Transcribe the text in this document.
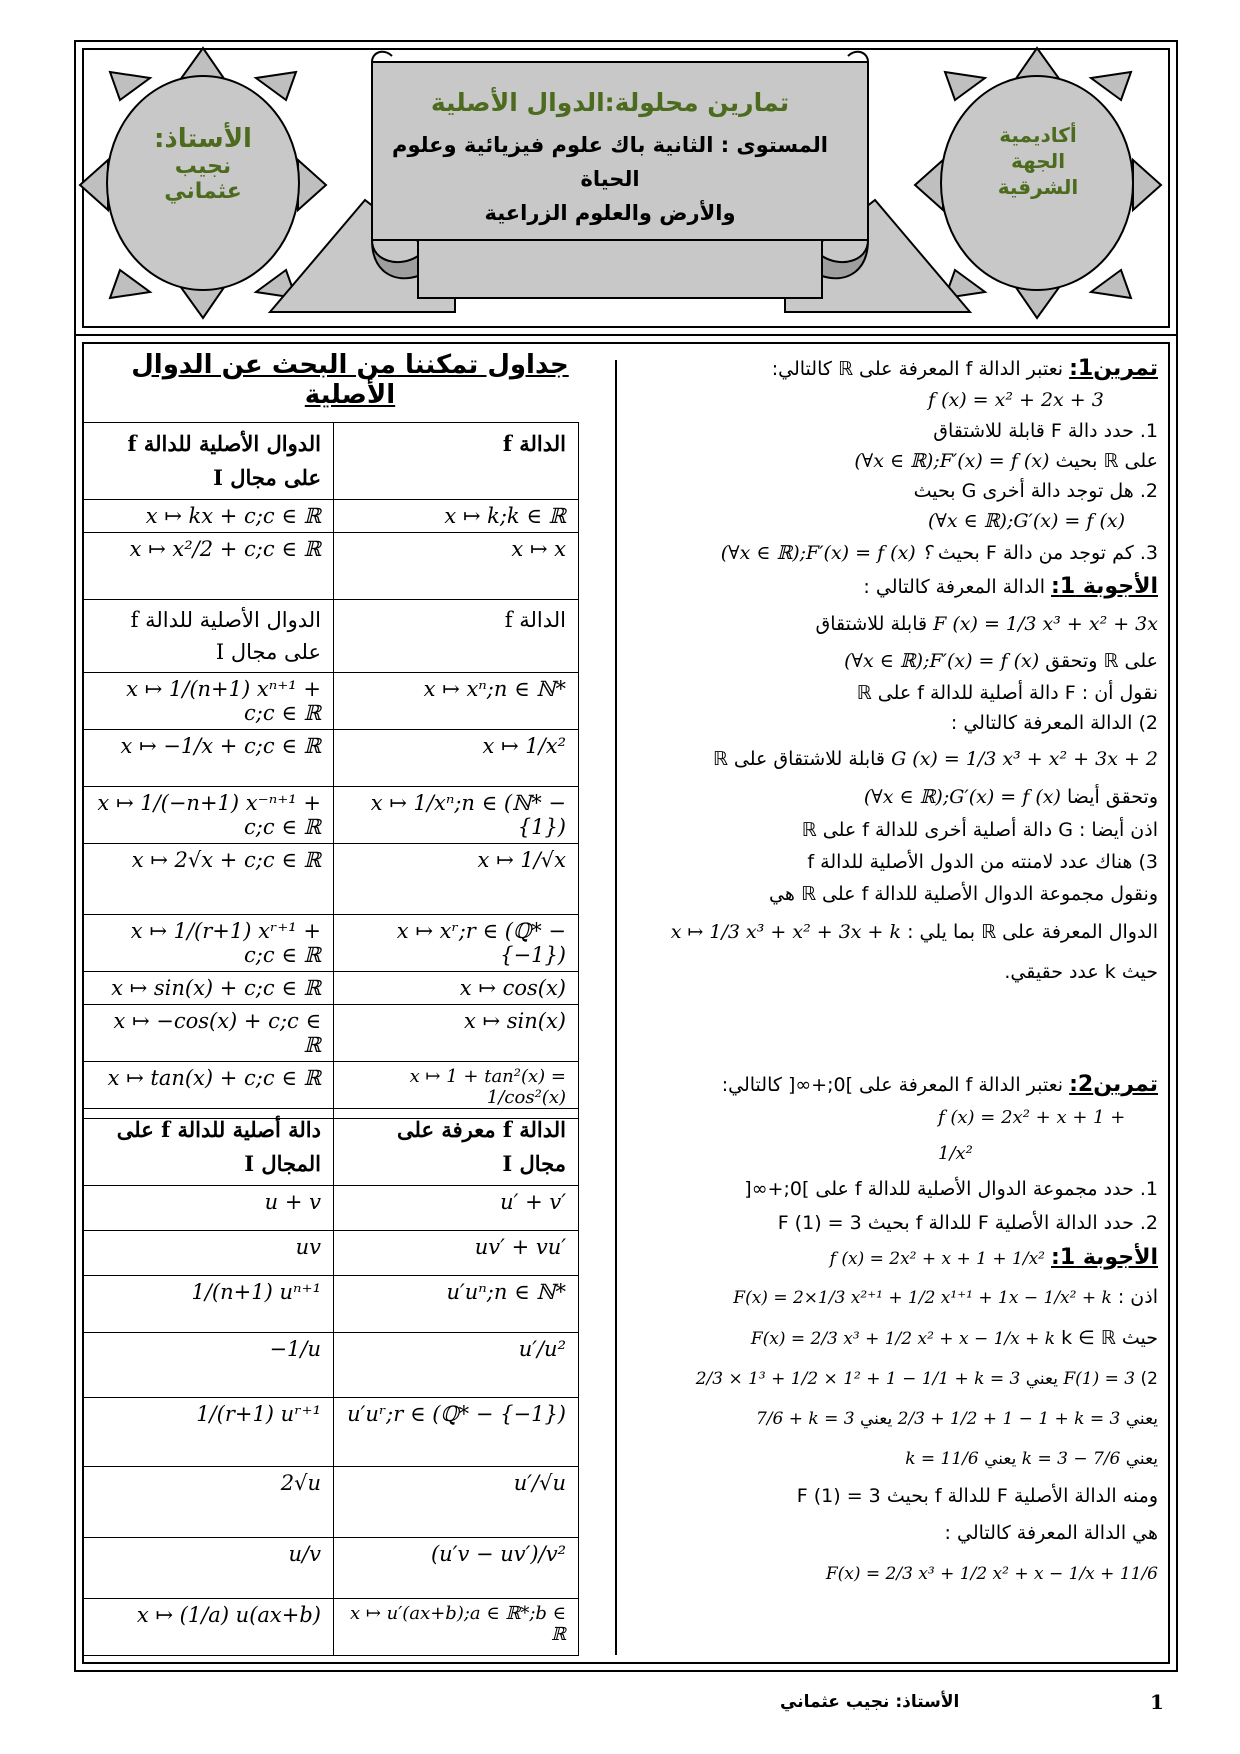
تمارين محلولة:الدوال الأصلية
المستوى : الثانية باك علوم فيزيائية وعلوم الحياة
والأرض والعلوم الزراعية
الأستاذ:
نجيب
عثماني
أكاديمية
الجهة
الشرقية
جداول تمكننا من البحث عن الدوال الأصلية
الدوال الأصلية للدالة f على مجال I	الدالة f
x ↦ kx + c;c ∈ ℝ	x ↦ k;k ∈ ℝ
x ↦ x²/2 + c;c ∈ ℝ	x ↦ x
الدوال الأصلية للدالة f على مجال I	الدالة f
x ↦ 1/(n+1) xⁿ⁺¹ + c;c ∈ ℝ	x ↦ xⁿ;n ∈ ℕ*
x ↦ −1/x + c;c ∈ ℝ	x ↦ 1/x²
x ↦ 1/(−n+1) x⁻ⁿ⁺¹ + c;c ∈ ℝ	x ↦ 1/xⁿ;n ∈ (ℕ* − {1})
x ↦ 2√x + c;c ∈ ℝ	x ↦ 1/√x
x ↦ 1/(r+1) xʳ⁺¹ + c;c ∈ ℝ	x ↦ xʳ;r ∈ (ℚ* − {−1})
x ↦ sin(x) + c;c ∈ ℝ	x ↦ cos(x)
x ↦ −cos(x) + c;c ∈ ℝ	x ↦ sin(x)
x ↦ tan(x) + c;c ∈ ℝ	x ↦ 1 + tan²(x) = 1/cos²(x)
دالة أصلية للدالة f على المجال I	الدالة f معرفة على مجال I
u + v	u′ + v′
uv	uv′ + vu′
1/(n+1) uⁿ⁺¹	u′uⁿ;n ∈ ℕ*
−1/u	u′/u²
1/(r+1) uʳ⁺¹	u′uʳ;r ∈ (ℚ* − {−1})
2√u	u′/√u
u/v	(u′v − uv′)/v²
x ↦ (1/a) u(ax+b)	x ↦ u′(ax+b);a ∈ ℝ*;b ∈ ℝ
تمرين1: نعتبر الدالة f المعرفة على ℝ كالتالي:
f (x) = x² + 2x + 3
1. حدد دالة F قابلة للاشتقاق
على ℝ بحيث (∀x ∈ ℝ);F′(x) = f (x)
2. هل توجد دالة أخرى G بحيث
(∀x ∈ ℝ);G′(x) = f (x)
3. كم توجد من دالة F بحيث (∀x ∈ ℝ);F′(x) = f (x) ؟
الأجوبة 1: الدالة المعرفة كالتالي :
F (x) = 1/3 x³ + x² + 3x قابلة للاشتقاق
على ℝ وتحقق (∀x ∈ ℝ);F′(x) = f (x)
نقول أن : F دالة أصلية للدالة f على ℝ
2) الدالة المعرفة كالتالي :
G (x) = 1/3 x³ + x² + 3x + 2 قابلة للاشتقاق على ℝ
وتحقق أيضا (∀x ∈ ℝ);G′(x) = f (x)
اذن أيضا : G دالة أصلية أخرى للدالة f على ℝ
3) هناك عدد لامنته من الدول الأصلية للدالة f
ونقول مجموعة الدوال الأصلية للدالة f على ℝ هي
الدوال المعرفة على ℝ بما يلي : x ↦ 1/3 x³ + x² + 3x + k
حيث k عدد حقيقي.
تمرين2: نعتبر الدالة f المعرفة على ]0;+∞[ كالتالي:
f (x) = 2x² + x + 1 + 1/x²
1. حدد مجموعة الدوال الأصلية للدالة f على ]0;+∞[
2. حدد الدالة الأصلية F للدالة f بحيث F (1) = 3
الأجوبة 1: f (x) = 2x² + x + 1 + 1/x²
اذن : F(x) = 2×1/3 x²⁺¹ + 1/2 x¹⁺¹ + 1x − 1/x² + k
حيث k ∈ ℝ F(x) = 2/3 x³ + 1/2 x² + x − 1/x + k
2) F(1) = 3 يعني 2/3 × 1³ + 1/2 × 1² + 1 − 1/1 + k = 3
يعني 2/3 + 1/2 + 1 − 1 + k = 3 يعني 7/6 + k = 3
يعني k = 3 − 7/6 يعني k = 11/6
ومنه الدالة الأصلية F للدالة f بحيث F (1) = 3
هي الدالة المعرفة كالتالي : F(x) = 2/3 x³ + 1/2 x² + x − 1/x + 11/6
الأستاذ: نجيب عثماني	1
